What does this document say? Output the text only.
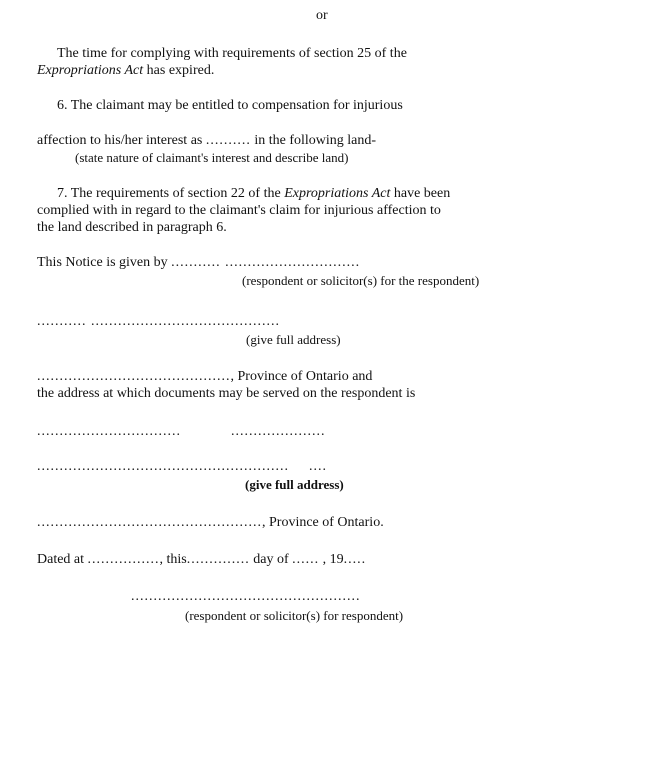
or
The time for complying with requirements of section 25 of the
Expropriations Act has expired.
6. The claimant may be entitled to compensation for injurious
affection to his/her interest as .......... in the following land-
(state nature of claimant's interest and describe land)
7. The requirements of section 22 of the Expropriations Act have been
complied with in regard to the claimant's claim for injurious affection to
the land described in paragraph 6.
This Notice is given by ........... ..............................
(respondent or solicitor(s) for the respondent)
........... ..........................................
(give full address)
..........................................., Province of Ontario and
the address at which documents may be served on the respondent is
................................	.....................
........................................................ ....
(give full address)
.................................................., Province of Ontario.
Dated at ................, this.............. day of ...... , 19.....
...................................................
(respondent or solicitor(s) for respondent)
